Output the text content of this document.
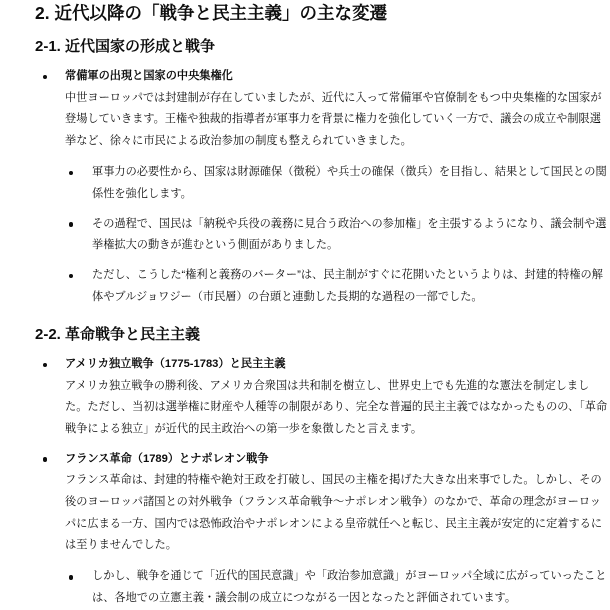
2. 近代以降の「戦争と民主主義」の主な変遷
2-1. 近代国家の形成と戦争

常備軍の出現と国家の中央集権化
中世ヨーロッパでは封建制が存在していましたが、近代に入って常備軍や官僚制をもつ中央集権的な国家が登場していきます。王権や独裁的指導者が軍事力を背景に権力を強化していく一方で、議会の成立や制限選挙など、徐々に市民による政治参加の制度も整えられていきました。

軍事力の必要性から、国家は財源確保（徴税）や兵士の確保（徴兵）を目指し、結果として国民との関係性を強化します。

その過程で、国民は「納税や兵役の義務に見合う政治への参加権」を主張するようになり、議会制や選挙権拡大の動きが進むという側面がありました。

ただし、こうした“権利と義務のバーター”は、民主制がすぐに花開いたというよりは、封建的特権の解体やブルジョワジー（市民層）の台頭と連動した長期的な過程の一部でした。

2-2. 革命戦争と民主主義

アメリカ独立戦争（1775-1783）と民主主義
アメリカ独立戦争の勝利後、アメリカ合衆国は共和制を樹立し、世界史上でも先進的な憲法を制定しました。ただし、当初は選挙権に財産や人種等の制限があり、完全な普遍的民主主義ではなかったものの、「革命戦争による独立」が近代的民主政治への第一歩を象徴したと言えます。

フランス革命（1789）とナポレオン戦争
フランス革命は、封建的特権や絶対王政を打破し、国民の主権を掲げた大きな出来事でした。しかし、その後のヨーロッパ諸国との対外戦争（フランス革命戦争～ナポレオン戦争）のなかで、革命の理念がヨーロッパに広まる一方、国内では恐怖政治やナポレオンによる皇帝就任へと転じ、民主主義が安定的に定着するには至りませんでした。

しかし、戦争を通じて「近代的国民意識」や「政治参加意識」がヨーロッパ全域に広がっていったことは、各地での立憲主義・議会制の成立につながる一因となったと評価されています。
